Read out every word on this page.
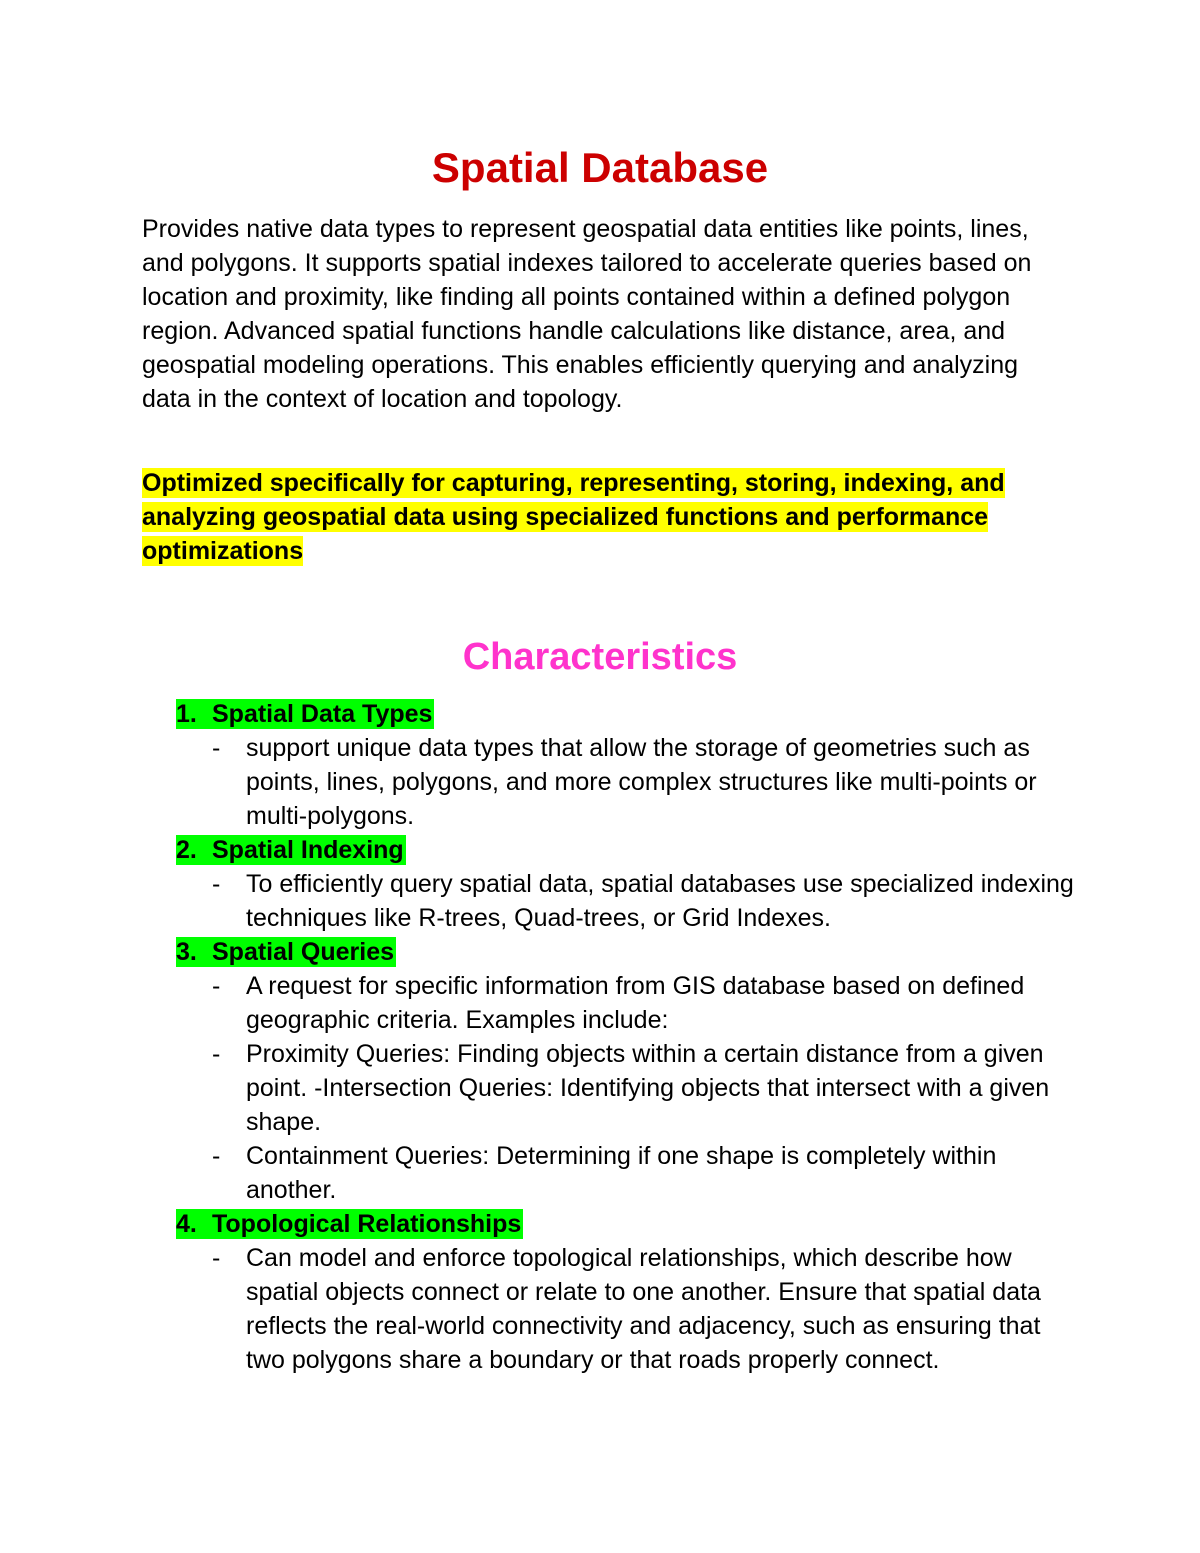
Spatial Database

Provides native data types to represent geospatial data entities like points, lines, and polygons. It supports spatial indexes tailored to accelerate queries based on location and proximity, like finding all points contained within a defined polygon region. Advanced spatial functions handle calculations like distance, area, and geospatial modeling operations. This enables efficiently querying and analyzing data in the context of location and topology.

Optimized specifically for capturing, representing, storing, indexing, and analyzing geospatial data using specialized functions and performance optimizations

Characteristics
1. Spatial Data Types
- support unique data types that allow the storage of geometries such as points, lines, polygons, and more complex structures like multi-points or multi-polygons.
2. Spatial Indexing
- To efficiently query spatial data, spatial databases use specialized indexing techniques like R-trees, Quad-trees, or Grid Indexes.
3. Spatial Queries
- A request for specific information from GIS database based on defined geographic criteria. Examples include:
- Proximity Queries: Finding objects within a certain distance from a given point. -Intersection Queries: Identifying objects that intersect with a given shape.
- Containment Queries: Determining if one shape is completely within another.
4. Topological Relationships
- Can model and enforce topological relationships, which describe how spatial objects connect or relate to one another. Ensure that spatial data reflects the real-world connectivity and adjacency, such as ensuring that two polygons share a boundary or that roads properly connect.
